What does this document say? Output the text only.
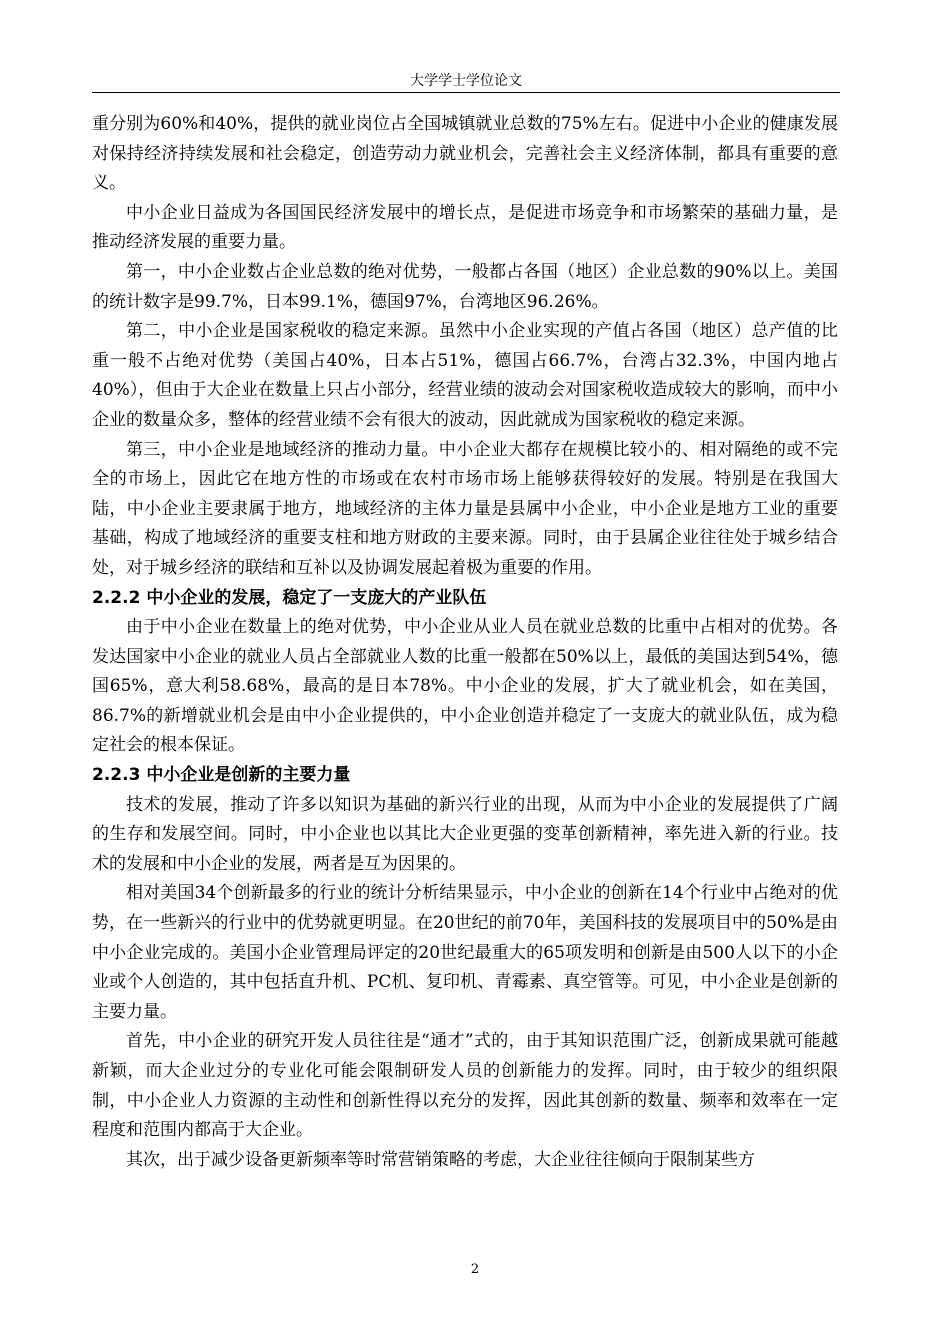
大学学士学位论文

重分别为60%和40%，提供的就业岗位占全国城镇就业总数的75%左右。促进中小企业的健康发展对保持经济持续发展和社会稳定，创造劳动力就业机会，完善社会主义经济体制，都具有重要的意义。

中小企业日益成为各国国民经济发展中的增长点，是促进市场竞争和市场繁荣的基础力量，是推动经济发展的重要力量。

第一，中小企业数占企业总数的绝对优势，一般都占各国（地区）企业总数的90%以上。美国的统计数字是99.7%，日本99.1%，德国97%，台湾地区96.26%。

第二，中小企业是国家税收的稳定来源。虽然中小企业实现的产值占各国（地区）总产值的比重一般不占绝对优势（美国占40%，日本占51%，德国占66.7%，台湾占32.3%，中国内地占 40%），但由于大企业在数量上只占小部分，经营业绩的波动会对国家税收造成较大的影响，而中小企业的数量众多，整体的经营业绩不会有很大的波动，因此就成为国家税收的稳定来源。

第三，中小企业是地域经济的推动力量。中小企业大都存在规模比较小的、相对隔绝的或不完全的市场上，因此它在地方性的市场或在农村市场市场上能够获得较好的发展。特别是在我国大陆，中小企业主要隶属于地方，地域经济的主体力量是县属中小企业，中小企业是地方工业的重要基础，构成了地域经济的重要支柱和地方财政的主要来源。同时，由于县属企业往往处于城乡结合处，对于城乡经济的联结和互补以及协调发展起着极为重要的作用。

2.2.2 中小企业的发展，稳定了一支庞大的产业队伍

由于中小企业在数量上的绝对优势，中小企业从业人员在就业总数的比重中占相对的优势。各发达国家中小企业的就业人员占全部就业人数的比重一般都在50%以上，最低的美国达到54%，德国65%，意大利58.68%，最高的是日本78%。中小企业的发展，扩大了就业机会，如在美国，86.7%的新增就业机会是由中小企业提供的，中小企业创造并稳定了一支庞大的就业队伍，成为稳定社会的根本保证。

2.2.3 中小企业是创新的主要力量

技术的发展，推动了许多以知识为基础的新兴行业的出现，从而为中小企业的发展提供了广阔的生存和发展空间。同时，中小企业也以其比大企业更强的变革创新精神，率先进入新的行业。技术的发展和中小企业的发展，两者是互为因果的。

相对美国34个创新最多的行业的统计分析结果显示，中小企业的创新在14个行业中占绝对的优势，在一些新兴的行业中的优势就更明显。在20世纪的前70年，美国科技的发展项目中的50%是由中小企业完成的。美国小企业管理局评定的20世纪最重大的65项发明和创新是由500人以下的小企业或个人创造的，其中包括直升机、PC机、复印机、青霉素、真空管等。可见，中小企业是创新的主要力量。

首先，中小企业的研究开发人员往往是“通才”式的，由于其知识范围广泛，创新成果就可能越新颖，而大企业过分的专业化可能会限制研发人员的创新能力的发挥。同时，由于较少的组织限制，中小企业人力资源的主动性和创新性得以充分的发挥，因此其创新的数量、频率和效率在一定程度和范围内都高于大企业。

其次，出于减少设备更新频率等时常营销策略的考虑，大企业往往倾向于限制某些方

2
